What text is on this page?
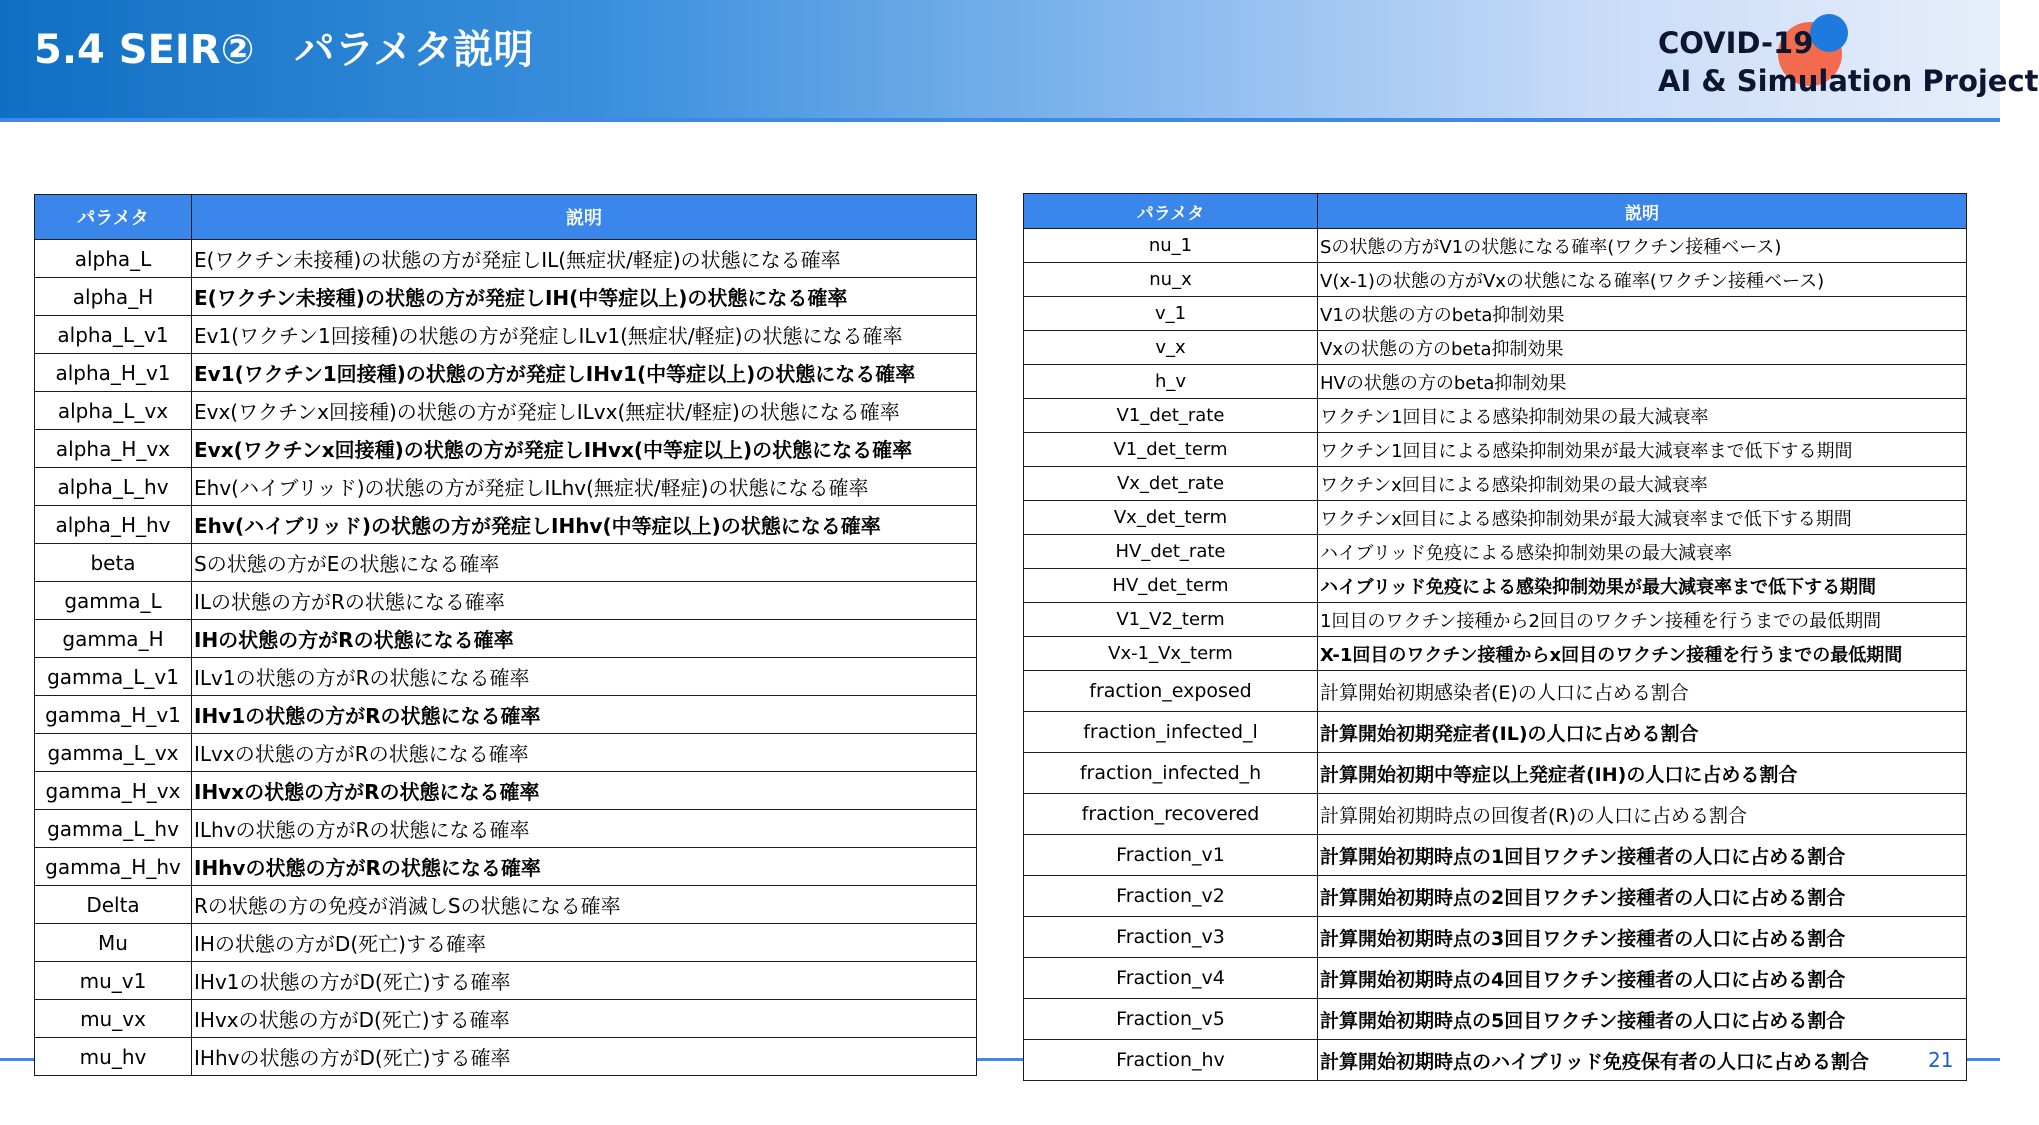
5.4 SEIR②　パラメタ説明	COVID-19
AI & Simulation Project
パラメタ	説明
alpha_L	E(ワクチン未接種)の状態の方が発症しIL(無症状/軽症)の状態になる確率
alpha_H	E(ワクチン未接種)の状態の方が発症しIH(中等症以上)の状態になる確率
alpha_L_v1	Ev1(ワクチン1回接種)の状態の方が発症しILv1(無症状/軽症)の状態になる確率
alpha_H_v1	Ev1(ワクチン1回接種)の状態の方が発症しIHv1(中等症以上)の状態になる確率
alpha_L_vx	Evx(ワクチンx回接種)の状態の方が発症しILvx(無症状/軽症)の状態になる確率
alpha_H_vx	Evx(ワクチンx回接種)の状態の方が発症しIHvx(中等症以上)の状態になる確率
alpha_L_hv	Ehv(ハイブリッド)の状態の方が発症しILhv(無症状/軽症)の状態になる確率
alpha_H_hv	Ehv(ハイブリッド)の状態の方が発症しIHhv(中等症以上)の状態になる確率
beta	Sの状態の方がEの状態になる確率
gamma_L	ILの状態の方がRの状態になる確率
gamma_H	IHの状態の方がRの状態になる確率
gamma_L_v1	ILv1の状態の方がRの状態になる確率
gamma_H_v1	IHv1の状態の方がRの状態になる確率
gamma_L_vx	ILvxの状態の方がRの状態になる確率
gamma_H_vx	IHvxの状態の方がRの状態になる確率
gamma_L_hv	ILhvの状態の方がRの状態になる確率
gamma_H_hv	IHhvの状態の方がRの状態になる確率
Delta	Rの状態の方の免疫が消滅しSの状態になる確率
Mu	IHの状態の方がD(死亡)する確率
mu_v1	IHv1の状態の方がD(死亡)する確率
mu_vx	IHvxの状態の方がD(死亡)する確率
mu_hv	IHhvの状態の方がD(死亡)する確率
パラメタ	説明
nu_1	Sの状態の方がV1の状態になる確率(ワクチン接種ベース)
nu_x	V(x-1)の状態の方がVxの状態になる確率(ワクチン接種ベース)
v_1	V1の状態の方のbeta抑制効果
v_x	Vxの状態の方のbeta抑制効果
h_v	HVの状態の方のbeta抑制効果
V1_det_rate	ワクチン1回目による感染抑制効果の最大減衰率
V1_det_term	ワクチン1回目による感染抑制効果が最大減衰率まで低下する期間
Vx_det_rate	ワクチンx回目による感染抑制効果の最大減衰率
Vx_det_term	ワクチンx回目による感染抑制効果が最大減衰率まで低下する期間
HV_det_rate	ハイブリッド免疫による感染抑制効果の最大減衰率
HV_det_term	ハイブリッド免疫による感染抑制効果が最大減衰率まで低下する期間
V1_V2_term	1回目のワクチン接種から2回目のワクチン接種を行うまでの最低期間
Vx-1_Vx_term	X-1回目のワクチン接種からx回目のワクチン接種を行うまでの最低期間
fraction_exposed	計算開始初期感染者(E)の人口に占める割合
fraction_infected_l	計算開始初期発症者(IL)の人口に占める割合
fraction_infected_h	計算開始初期中等症以上発症者(IH)の人口に占める割合
fraction_recovered	計算開始初期時点の回復者(R)の人口に占める割合
Fraction_v1	計算開始初期時点の1回目ワクチン接種者の人口に占める割合
Fraction_v2	計算開始初期時点の2回目ワクチン接種者の人口に占める割合
Fraction_v3	計算開始初期時点の3回目ワクチン接種者の人口に占める割合
Fraction_v4	計算開始初期時点の4回目ワクチン接種者の人口に占める割合
Fraction_v5	計算開始初期時点の5回目ワクチン接種者の人口に占める割合
Fraction_hv	計算開始初期時点のハイブリッド免疫保有者の人口に占める割合	21
